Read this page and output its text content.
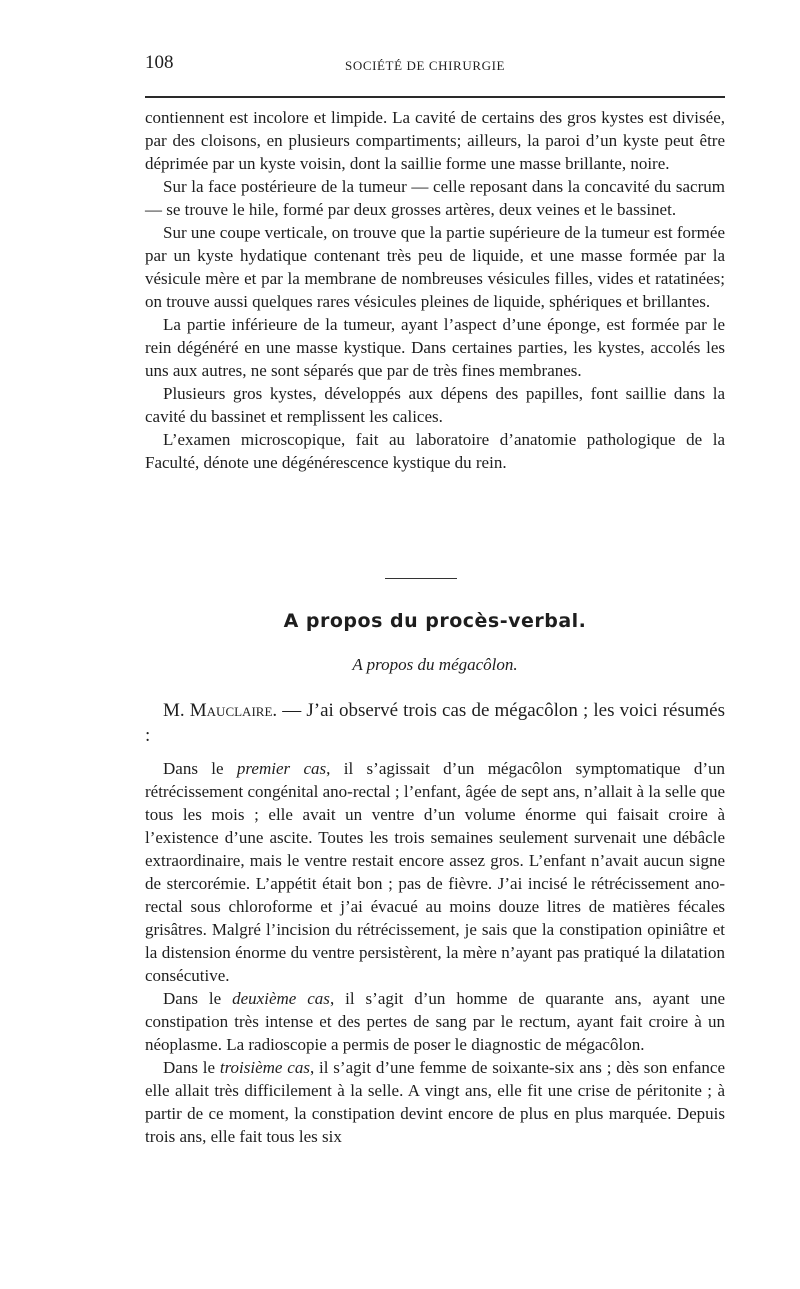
108	SOCIÉTÉ DE CHIRURGIE

contiennent est incolore et limpide. La cavité de certains des gros kystes est divisée, par des cloisons, en plusieurs compartiments; ailleurs, la paroi d’un kyste peut être déprimée par un kyste voisin, dont la saillie forme une masse brillante, noire.

Sur la face postérieure de la tumeur — celle reposant dans la concavité du sacrum — se trouve le hile, formé par deux grosses artères, deux veines et le bassinet.

Sur une coupe verticale, on trouve que la partie supérieure de la tumeur est formée par un kyste hydatique contenant très peu de liquide, et une masse formée par la vésicule mère et par la membrane de nombreuses vésicules filles, vides et ratatinées; on trouve aussi quelques rares vésicules pleines de liquide, sphériques et brillantes.

La partie inférieure de la tumeur, ayant l’aspect d’une éponge, est formée par le rein dégénéré en une masse kystique. Dans certaines parties, les kystes, accolés les uns aux autres, ne sont séparés que par de très fines membranes.

Plusieurs gros kystes, développés aux dépens des papilles, font saillie dans la cavité du bassinet et remplissent les calices.

L’examen microscopique, fait au laboratoire d’anatomie pathologique de la Faculté, dénote une dégénérescence kystique du rein.

A propos du procès-verbal.
A propos du mégacôlon.
M. Mauclaire. — J’ai observé trois cas de mégacôlon ; les voici résumés :

Dans le premier cas, il s’agissait d’un mégacôlon symptomatique d’un rétrécissement congénital ano-rectal ; l’enfant, âgée de sept ans, n’allait à la selle que tous les mois ; elle avait un ventre d’un volume énorme qui faisait croire à l’existence d’une ascite. Toutes les trois semaines seulement survenait une débâcle extraordinaire, mais le ventre restait encore assez gros. L’enfant n’avait aucun signe de stercorémie. L’appétit était bon ; pas de fièvre. J’ai incisé le rétrécissement ano-rectal sous chloroforme et j’ai évacué au moins douze litres de matières fécales grisâtres. Malgré l’incision du rétrécissement, je sais que la constipation opiniâtre et la distension énorme du ventre persistèrent, la mère n’ayant pas pratiqué la dilatation consécutive.

Dans le deuxième cas, il s’agit d’un homme de quarante ans, ayant une constipation très intense et des pertes de sang par le rectum, ayant fait croire à un néoplasme. La radioscopie a permis de poser le diagnostic de mégacôlon.

Dans le troisième cas, il s’agit d’une femme de soixante-six ans ; dès son enfance elle allait très difficilement à la selle. A vingt ans, elle fit une crise de péritonite ; à partir de ce moment, la constipation devint encore de plus en plus marquée. Depuis trois ans, elle fait tous les six
